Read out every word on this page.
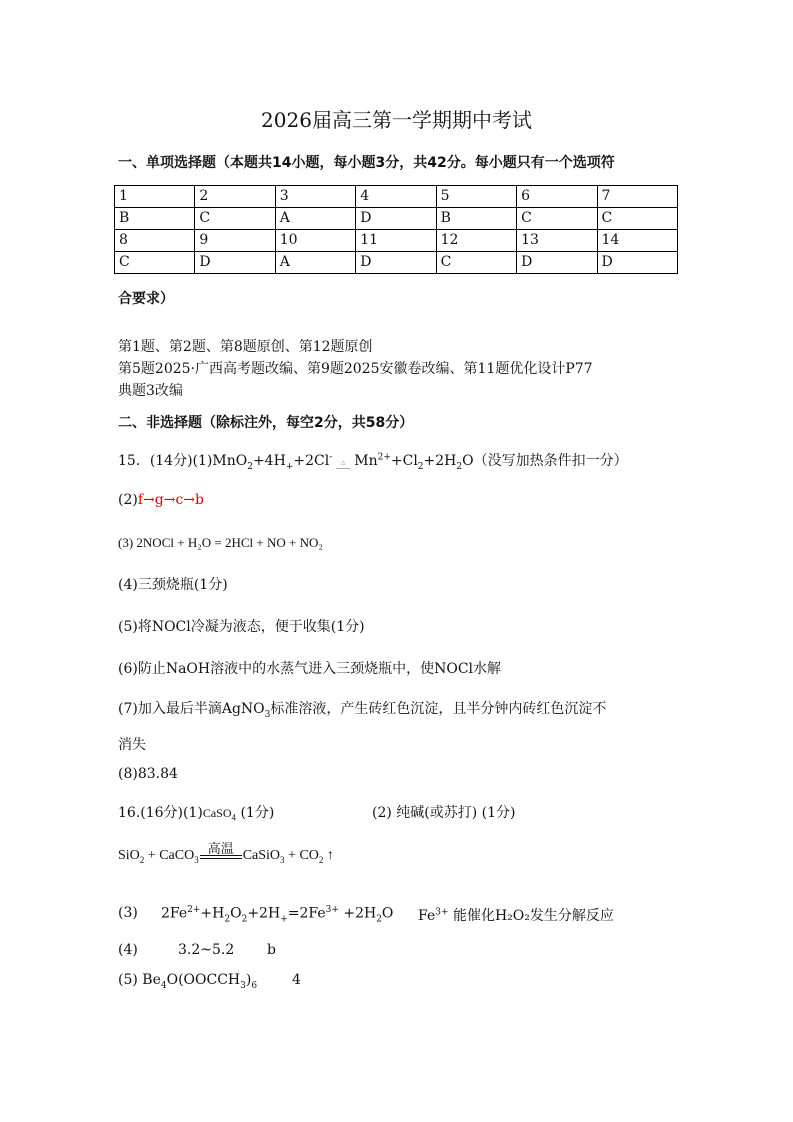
2026届高三第一学期期中考试
一、单项选择题（本题共14小题，每小题3分，共42分。每小题只有一个选项符
1	2	3	4	5	6	7
B	C	A	D	B	C	C
8	9	10	11	12	13	14
C	D	A	D	C	D	D
合要求）
第1题、第2题、第8题原创、第12题原创
第5题2025·广西高考题改编、第9题2025安徽卷改编、第11题优化设计P77
典题3改编
二、非选择题（除标注外，每空2分，共58分）
15．(14分)$(1)MnO_2+4H_++2Cl^-▵$ $Mn^{2+}+Cl_2+2H_2O$（没写加热条件扣一分）
(2)f→g→c→b
(3) 2NOCl + H₂O = 2HCl + NO + NO₂
(4)三颈烧瓶(1分)
(5)将NOCl冷凝为液态，便于收集(1分)
(6)防止NaOH溶液中的水蒸气进入三颈烧瓶中，使NOCl水解
(7)加入最后半滴AgNO$_3$标准溶液，产生砖红色沉淀，且半分钟内砖红色沉淀不
消失
(8)83.84
16.(16分)(1)CaSO$_4$ (1分)	(2) 纯碱(或苏打) (1分)
SiO$_2$ + CaCO$_3$
高温 CaSiO$_3$ + $CO_2$ ↑
(3) $2Fe^{2+}+H_2O_2+2H_+=2Fe^{3+} +2H_2O$ $Fe^{3+}$ 能催化H₂O₂发生分解反应
(4)	3.2~5.2 b
(5) $Be_4O(OOCCH_3)_6$ 4
